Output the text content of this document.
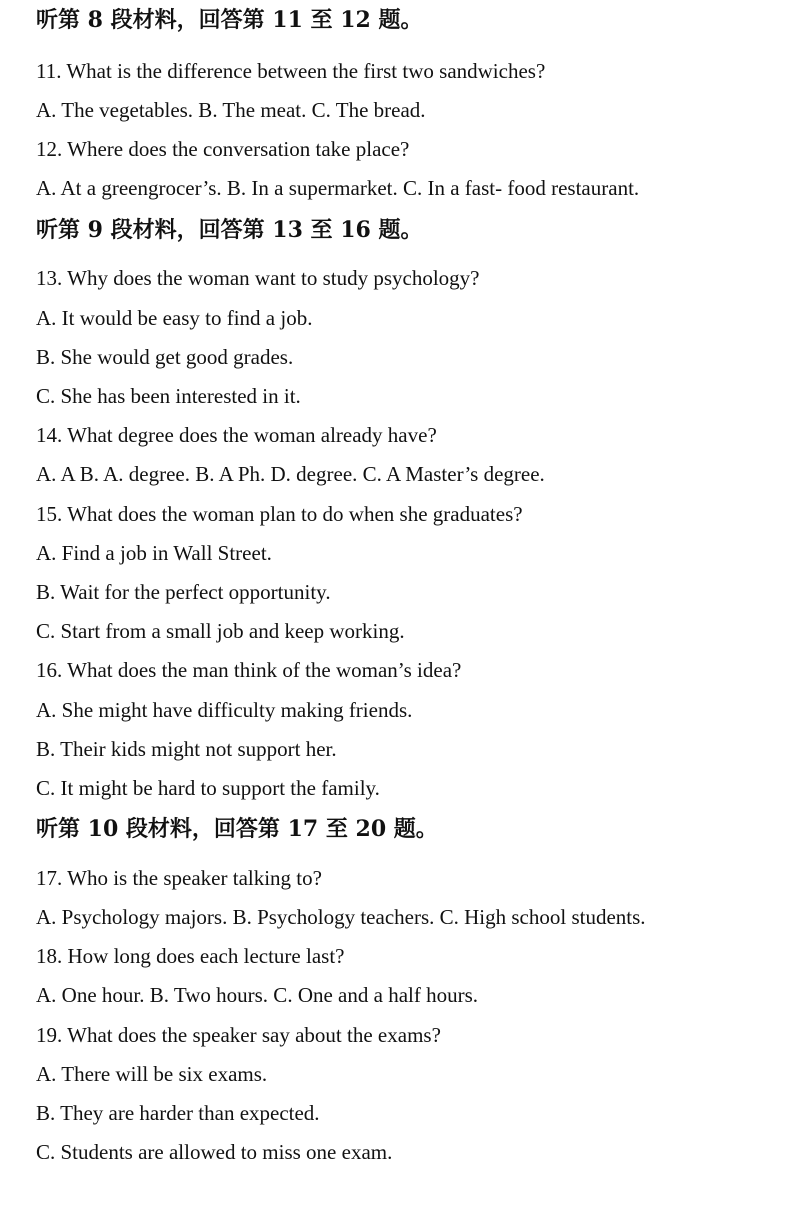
听第 8 段材料，回答第 11 至 12 题。
11. What is the difference between the first two sandwiches?
A. The vegetables. B. The meat. C. The bread.
12. Where does the conversation take place?
A. At a greengrocer’s. B. In a supermarket. C. In a fast- food restaurant.
听第 9 段材料，回答第 13 至 16 题。
13. Why does the woman want to study psychology?
A. It would be easy to find a job.
B. She would get good grades.
C. She has been interested in it.
14. What degree does the woman already have?
A. A B. A. degree. B. A Ph. D. degree. C. A Master’s degree.
15. What does the woman plan to do when she graduates?
A. Find a job in Wall Street.
B. Wait for the perfect opportunity.
C. Start from a small job and keep working.
16. What does the man think of the woman’s idea?
A. She might have difficulty making friends.
B. Their kids might not support her.
C. It might be hard to support the family.
听第 10 段材料，回答第 17 至 20 题。
17. Who is the speaker talking to?
A. Psychology majors. B. Psychology teachers. C. High school students.
18. How long does each lecture last?
A. One hour. B. Two hours. C. One and a half hours.
19. What does the speaker say about the exams?
A. There will be six exams.
B. They are harder than expected.
C. Students are allowed to miss one exam.
